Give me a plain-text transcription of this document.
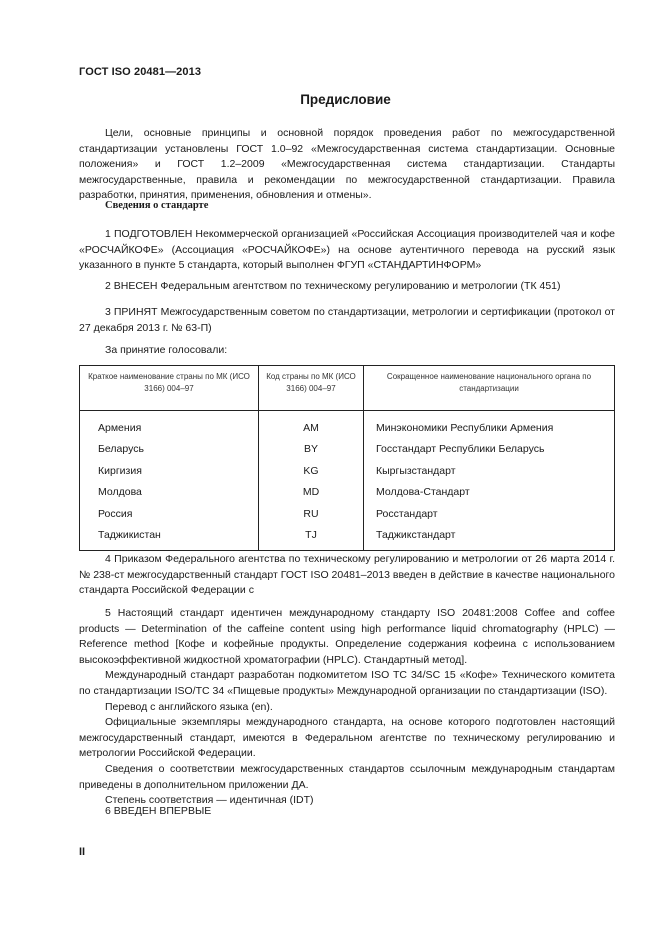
ГОСТ ISO 20481—2013
Предисловие

Цели, основные принципы и основной порядок проведения работ по межгосударственной стандартизации установлены ГОСТ 1.0–92 «Межгосударственная система стандартизации. Основные положения» и ГОСТ 1.2–2009 «Межгосударственная система стандартизации. Стандарты межгосударственные, правила и рекомендации по межгосударственной стандартизации. Правила разработки, принятия, применения, обновления и отмены».

Сведения о стандарте

1 ПОДГОТОВЛЕН Некоммерческой организацией «Российская Ассоциация производителей чая и кофе «РОСЧАЙКОФЕ» (Ассоциация «РОСЧАЙКОФЕ») на основе аутентичного перевода на русский язык указанного в пункте 5 стандарта, который выполнен ФГУП «СТАНДАРТИНФОРМ»

2 ВНЕСЕН Федеральным агентством по техническому регулированию и метрологии (ТК 451)

3 ПРИНЯТ Межгосударственным советом по стандартизации, метрологии и сертификации (протокол от 27 декабря 2013 г. № 63-П)

За принятие голосовали:
Краткое наименование страны по МК (ИСО 3166) 004–97	Код страны по МК (ИСО 3166) 004–97	Сокращенное наименование национального органа по стандартизации
Армения	AM	Минэкономики Республики Армения
Беларусь	BY	Госстандарт Республики Беларусь
Киргизия	KG	Кыргызстандарт
Молдова	MD	Молдова-Стандарт
Россия	RU	Росстандарт
Таджикистан	TJ	Таджикстандарт

4 Приказом Федерального агентства по техническому регулированию и метрологии от 26 марта 2014 г. № 238-ст межгосударственный стандарт ГОСТ ISO 20481–2013 введен в действие в качестве национального стандарта Российской Федерации с

5 Настоящий стандарт идентичен международному стандарту ISO 20481:2008 Coffee and coffee products — Determination of the caffeine content using high performance liquid chromatography (HPLC) — Reference method [Кофе и кофейные продукты. Определение содержания кофеина с использованием высокоэффективной жидкостной хроматографии (HPLC). Стандартный метод].

Международный стандарт разработан подкомитетом ISO TC 34/SC 15 «Кофе» Технического комитета по стандартизации ISO/TC 34 «Пищевые продукты» Международной организации по стандартизации (ISO).

Перевод с английского языка (en).

Официальные экземпляры международного стандарта, на основе которого подготовлен настоящий межгосударственный стандарт, имеются в Федеральном агентстве по техническому регулированию и метрологии Российской Федерации.

Сведения о соответствии межгосударственных стандартов ссылочным международным стандартам приведены в дополнительном приложении ДА.

Степень соответствия — идентичная (IDT)

6 ВВЕДЕН ВПЕРВЫЕ

II
